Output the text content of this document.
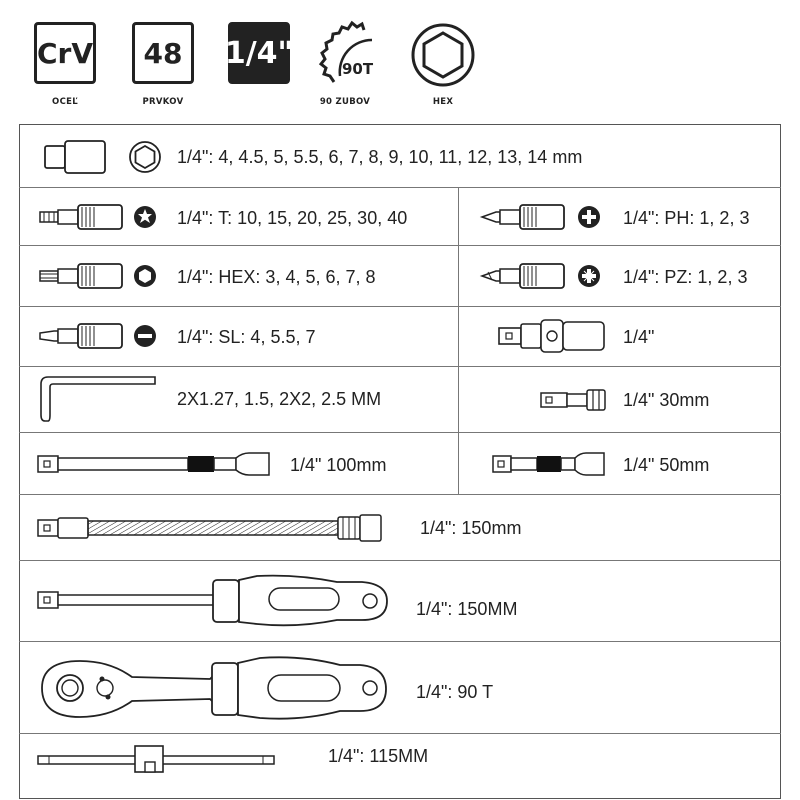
CrV
OCEĽ
48
PRVKOV
1/4"	90T
90 ZUBOV	HEX
1/4": 4, 4.5, 5, 5.5, 6, 7, 8, 9, 10, 11, 12, 13, 14 mm
1/4": T: 10, 15, 20, 25, 30, 40	1/4": PH: 1, 2, 3
1/4": HEX: 3, 4, 5, 6, 7, 8	1/4": PZ: 1, 2, 3
1/4": SL: 4, 5.5, 7	1/4"
2X1.27, 1.5, 2X2, 2.5 MM	1/4" 30mm
1/4" 100mm	1/4" 50mm
1/4": 150mm
1/4": 150MM
1/4": 90 T
1/4": 115MM
